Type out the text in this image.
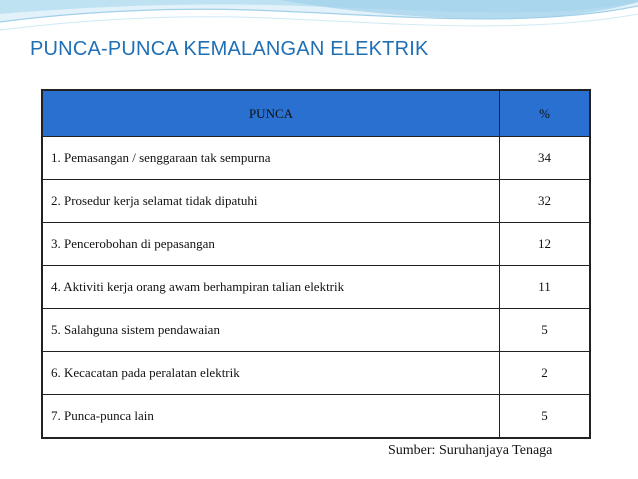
PUNCA-PUNCA KEMALANGAN ELEKTRIK
PUNCA	%
1. Pemasangan / senggaraan tak sempurna	34
2. Prosedur kerja selamat tidak dipatuhi	32
3. Pencerobohan di pepasangan	12
4. Aktiviti kerja orang awam berhampiran talian elektrik	11
5. Salahguna sistem pendawaian	5
6. Kecacatan pada peralatan elektrik	2
7. Punca-punca lain	5
Sumber: Suruhanjaya Tenaga
